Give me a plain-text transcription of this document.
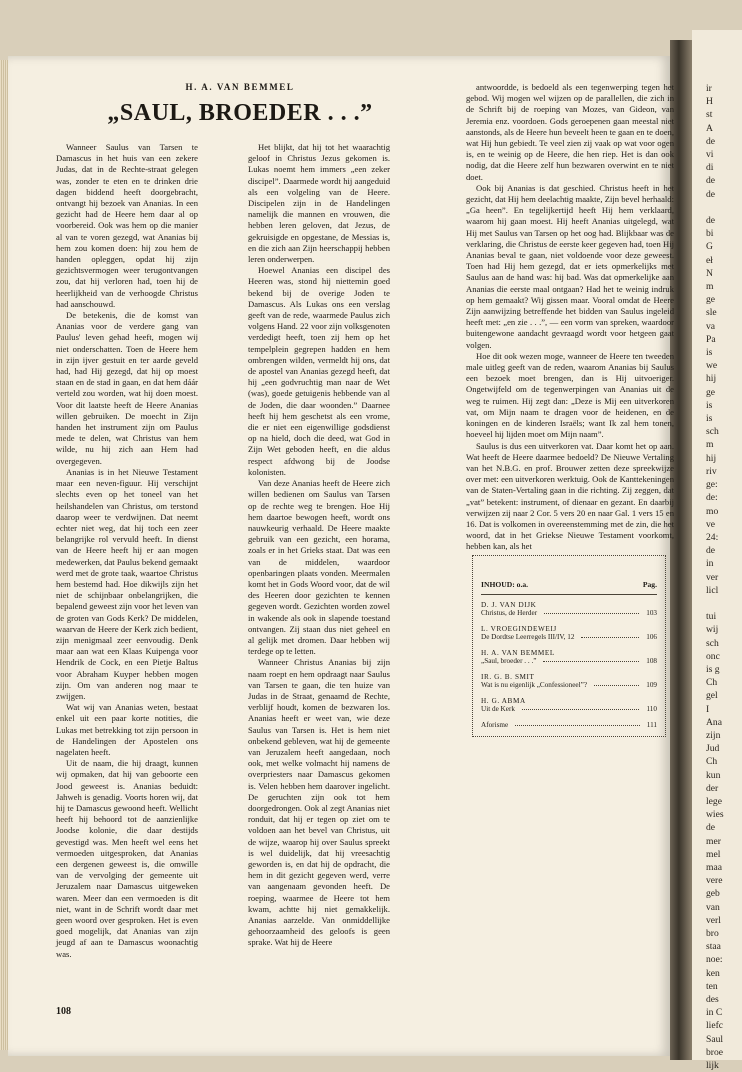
ir
H
st
A
de
vi
di
de
de

de
bi
G
eł
N
m
ge
sle
va
Pa
is
we
hij
ge
is
is
sch
m
hij
riv
ge:
de:
mo
ve
24:
de
in
ver
licl

tui
wij
sch
onc
is g
Ch
gel
I
Ana
zijn
Jud
Ch
kun
der
lege
wies
de
mer
mel
maa
vere
geb
van
verl
bro
staa
noe:
ken
ten
des
in C
liefc
Saul
broe
lijk
H. A. VAN BEMMEL
„SAUL, BROEDER . . .”

Wanneer Saulus van Tarsen te Damascus in het huis van een zekere Judas, dat in de Rechte-straat gelegen was, zonder te eten en te drinken drie dagen biddend heeft doorgebracht, ontvangt hij bezoek van Ananias. In een gezicht had de Heere hem daar al op voorbereid. Ook was hem op die manier al van te voren gezegd, wat Ananias bij hem zou komen doen: hij zou hem de handen opleggen, opdat hij zijn gezichtsvermogen weer terugontvangen zou, dat hij verloren had, toen hij de heerlijkheid van de verhoogde Christus had aanschouwd.

De betekenis, die de komst van Ananias voor de verdere gang van Paulus' leven gehad heeft, mogen wij niet onderschatten. Toen de Heere hem in zijn ijver gestuit en ter aarde geveld had, had Hij gezegd, dat hij op moest staan en de stad in gaan, en dat hem dáár verteld zou worden, wat hij doen moest. Voor dit laatste heeft de Heere Ananias willen gebruiken. De moecht in Zijn handen het instrument zijn om Paulus mede te delen, wat Christus van hem wilde, nu hij zich aan Hem had overgegeven.

Ananias is in het Nieuwe Testament maar een neven-figuur. Hij verschijnt slechts even op het toneel van het heilshandelen van Christus, om terstond daarop weer te verdwijnen. Dat neemt echter niet weg, dat hij toch een zeer belangrijke rol vervuld heeft. In dienst van de Heere heeft hij er aan mogen medewerken, dat Paulus bekend gemaakt werd met de grote taak, waartoe Christus hem bestemd had. Hoe dikwijls zijn het niet de schijnbaar onbelangrijken, die bepalend geweest zijn voor het leven van de groten van Gods Kerk? De middelen, waarvan de Heere der Kerk zich bedient, zijn menigmaal zeer eenvoudig. Denk maar aan wat een Klaas Kuipenga voor Hendrik de Cock, en een Pietje Baltus voor Abraham Kuyper hebben mogen zijn. Om van anderen nog maar te zwijgen.

Wat wij van Ananias weten, bestaat enkel uit een paar korte notities, die Lukas met betrekking tot zijn persoon in de Handelingen der Apostelen ons nagelaten heeft.

Uit de naam, die hij draagt, kunnen wij opmaken, dat hij van geboorte een Jood geweest is. Ananias beduidt: Jahweh is genadig. Voorts horen wij, dat hij te Damascus gewoond heeft. Wellicht heeft hij behoord tot de aanzienlijke Joodse kolonie, die daar destijds gevestigd was. Men heeft wel eens het vermoeden uitgesproken, dat Ananias een dergenen geweest is, die omwille van de vervolging der gemeente uit Jeruzalem naar Damascus uitgeweken waren. Meer dan een vermoeden is dit niet, want in de Schrift wordt daar met geen woord over gesproken. Het is even goed mogelijk, dat Ananias van zijn jeugd af aan te Damascus woonachtig was.

Het blijkt, dat hij tot het waarachtig geloof in Christus Jezus gekomen is. Lukas noemt hem immers „een zeker discipel”. Daarmede wordt hij aangeduid als een volgeling van de Heere. Discipelen zijn in de Handelingen namelijk die mannen en vrouwen, die hebben leren geloven, dat Jezus, de gekruisigde en opgestane, de Messias is, en die zich aan Zijn heerschappij hebben leren onderwerpen.

Hoewel Ananias een discipel des Heeren was, stond hij niettemin goed bekend bij de overige Joden te Damascus. Als Lukas ons een verslag geeft van de rede, waarmede Paulus zich volgens Hand. 22 voor zijn volksgenoten verdedigt heeft, toen zij hem op het tempelplein gegrepen hadden en hem ombrengen wilden, vermeldt hij ons, dat de apostel van Ananias gezegd heeft, dat hij „een godvruchtig man naar de Wet (was), goede getuigenis hebbende van al de Joden, die daar woonden.” Daarnee heeft hij hem geschetst als een vrome, die er niet een eigenwillige godsdienst op na hield, doch die deed, wat God in Zijn Wet geboden heeft, en die aldus respect afdwong bij de Joodse kolonisten.

Van deze Ananias heeft de Heere zich willen bedienen om Saulus van Tarsen op de rechte weg te brengen. Hoe Hij hem daartoe bewogen heeft, wordt ons nauwkeurig verhaald. De Heere maakte gebruik van een gezicht, een horama, zoals er in het Grieks staat. Dat was een van de middelen, waardoor openbaringen plaats vonden. Meermalen komt het in Gods Woord voor, dat de wil des Heeren door gezichten te kennen gegeven wordt. Gezichten worden zowel in wakende als ook in slapende toestand ontvangen. Zij staan dus niet geheel en al gelijk met dromen. Daar hebben wij terdege op te letten.

Wanneer Christus Ananias bij zijn naam roept en hem opdraagt naar Saulus van Tarsen te gaan, die ten huize van Judas in de Straat, genaamd de Rechte, verblijf houdt, komen de bezwaren los. Ananias heeft er weet van, wie deze Saulus van Tarsen is. Het is hem niet onbekend gebleven, wat hij de gemeente van Jeruzalem heeft aangedaan, noch ook, met welke volmacht hij namens de overpriesters naar Damascus gekomen is. Velen hebben hem daarover ingelicht. De geruchten zijn ook tot hem doorgedrongen. Ook al zegt Ananias niet ronduit, dat hij er tegen op ziet om te voldoen aan het bevel van Christus, uit de wijze, waarop hij over Saulus spreekt is wel duidelijk, dat hij vreesachtig geworden is, en dat hij de opdracht, die hem in dit gezicht gegeven werd, verre van aangenaam gevonden heeft. De roeping, waarmee de Heere tot hem kwam, achtte hij niet gemakkelijk. Ananias aarzelde. Van onmiddellijke gehoorzaamheid des geloofs is geen sprake. Wat hij de Heere

antwoordde, is bedoeld als een tegenwerping tegen het gebod. Wij mogen wel wijzen op de parallellen, die zich in de Schrift bij de roeping van Mozes, van Gideon, van Jeremia enz. voordoen. Gods geroepenen gaan meestal niet aanstonds, als de Heere hun beveelt heen te gaan en te doen, wat Hij hun gebiedt. Te veel zien zij vaak op wat voor ogen is, en te weinig op de Heere, die hen riep. Het is dan ook nodig, dat die Heere zelf hun bezwaren overwint en te niet doet.

Ook bij Ananias is dat geschied. Christus heeft in het gezicht, dat Hij hem deelachtig maakte, Zijn bevel herhaald: „Ga heen”. En tegelijkertijd heeft Hij hem verklaard, waarom hij gaan moest. Hij heeft Ananias uitgelegd, wat Hij met Saulus van Tarsen op het oog had. Blijkbaar was de verklaring, die Christus de eerste keer gegeven had, toen Hij Ananias beval te gaan, niet voldoende voor deze geweest. Toen had Hij hem gezegd, dat er iets opmerkelijks met Saulus aan de hand was: hij bad. Was dat opmerkelijke aan Ananias die eerste maal ontgaan? Had het te weinig indruk op hem gemaakt? Wij gissen maar. Vooral omdat de Heere Zijn aanwijzing betreffende het bidden van Saulus ingeleid heeft met: „en zie . . .”, — een vorm van spreken, waardoor buitengewone aandacht gevraagd wordt voor hetgeen gaat volgen.

Hoe dit ook wezen moge, wanneer de Heere ten tweeden male uitleg geeft van de reden, waarom Ananias bij Saulus een bezoek moet brengen, dan is Hij uitvoeriger. Ongetwijfeld om de tegenwerpingen van Ananias uit de weg te ruimen. Hij zegt dan: „Deze is Mij een uitverkoren vat, om Mijn naam te dragen voor de heidenen, en de koningen en de kinderen Israëls; want Ik zal hem tonen, hoeveel hij lijden moet om Mijn naam”.

Saulus is dus een uitverkoren vat. Daar komt het op aan. Wat heeft de Heere daarmee bedoeld? De Nieuwe Vertaling van het N.B.G. en prof. Brouwer zetten deze spreekwijze over met: een uitverkoren werktuig. Ook de Kanttekeningen van de Staten-Vertaling gaan in die richting. Zij zeggen, dat „vat” betekent: instrument, of dienaar en gezant. En daarbij verwijzen zij naar 2 Cor. 5 vers 20 en naar Gal. 1 vers 15 en 16. Dat is volkomen in overeenstemming met de zin, die het woord, dat in het Griekse Nieuwe Testament voorkomt, hebben kan, als het

INHOUD: o.a.	Pag.
D. J. VAN DIJK
Christus, de Herder	103
L. VROEGINDEWEIJ
De Dordtse Leerregels III/IV, 12	106
H. A. VAN BEMMEL
„Saul, broeder . . .”	108
IR. G. B. SMIT
Wat is nu eigenlijk „Confessioneel”?	109
H. G. ABMA
Uit de Kerk	110
Aforisme	111
108
